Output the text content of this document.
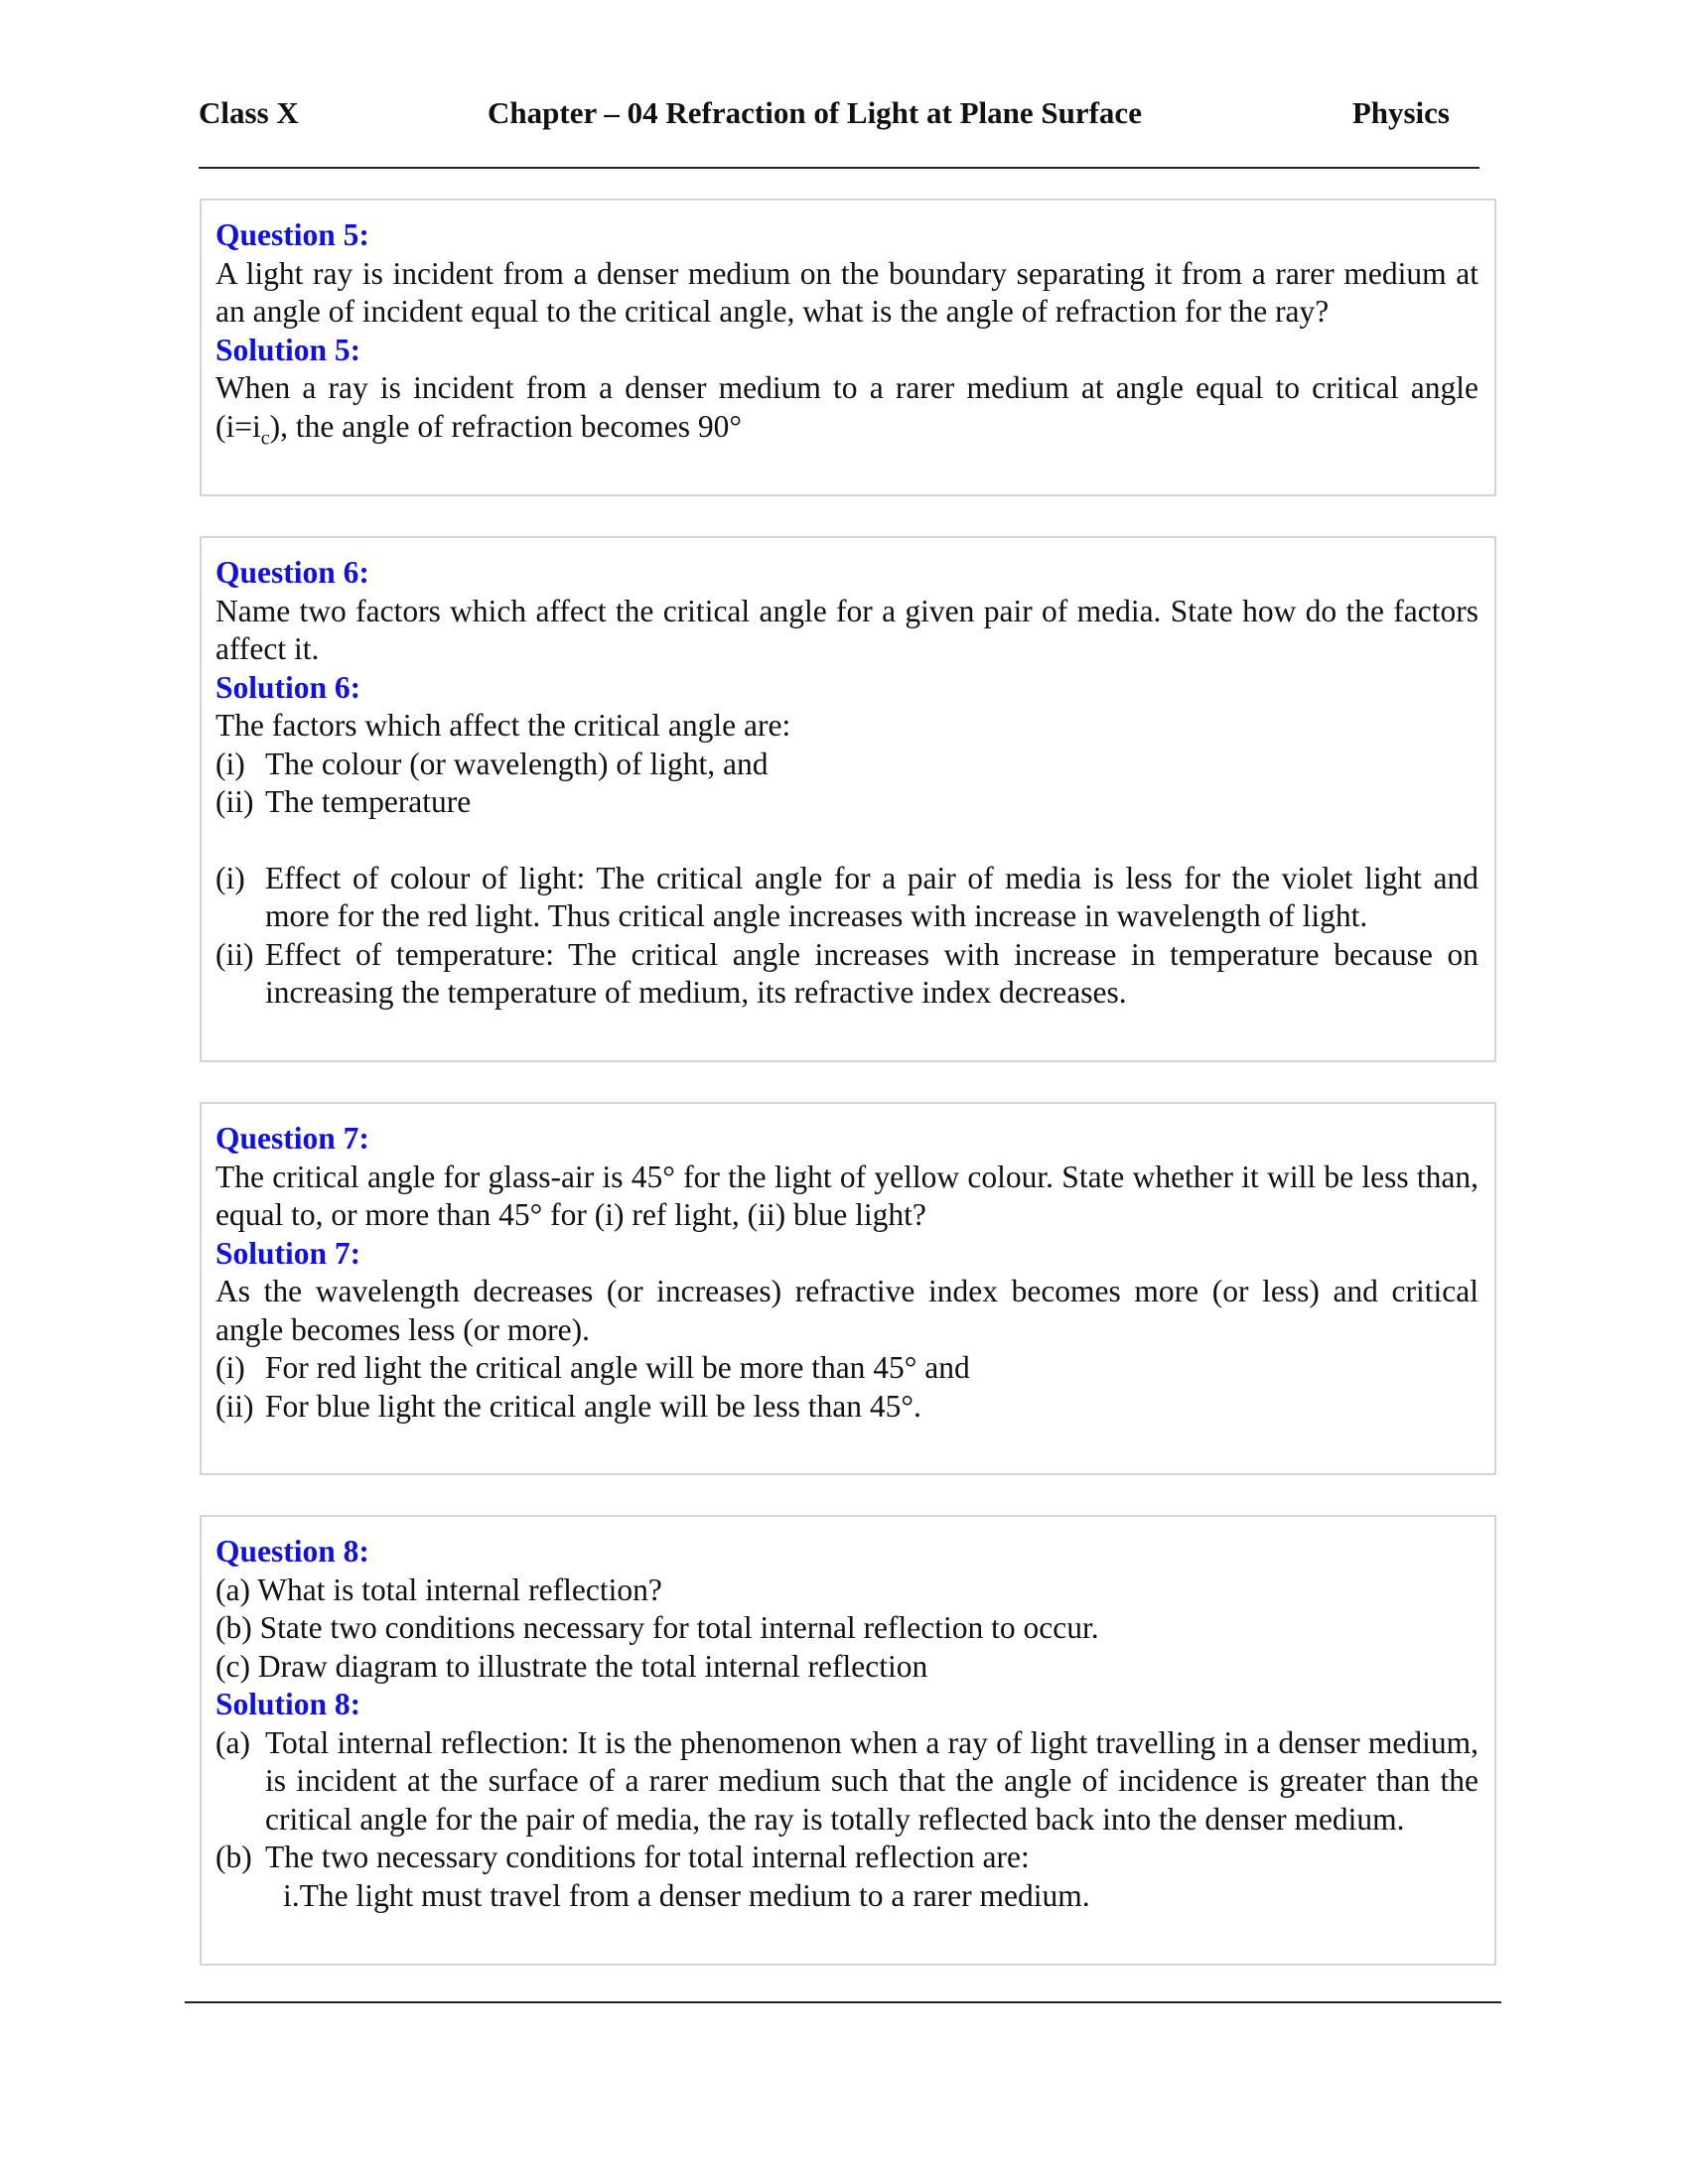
Class X	Chapter – 04 Refraction of Light at Plane Surface	Physics
Question 5:

A light ray is incident from a denser medium on the boundary separating it from a rarer medium at an angle of incident equal to the critical angle, what is the angle of refraction for the ray?

Solution 5:

When a ray is incident from a denser medium to a rarer medium at angle equal to critical angle $(i=i_c)$, the angle of refraction becomes 90°

Question 6:

Name two factors which affect the critical angle for a given pair of media. State how do the factors affect it.

Solution 6:

The factors which affect the critical angle are:

(i) The colour (or wavelength) of light, and
(ii) The temperature
(i) Effect of colour of light: The critical angle for a pair of media is less for the violet light and more for the red light. Thus critical angle increases with increase in wavelength of light.
(ii) Effect of temperature: The critical angle increases with increase in temperature because on increasing the temperature of medium, its refractive index decreases.
Question 7:

The critical angle for glass-air is 45° for the light of yellow colour. State whether it will be less than, equal to, or more than 45° for (i) ref light, (ii) blue light?

Solution 7:

As the wavelength decreases (or increases) refractive index becomes more (or less) and critical angle becomes less (or more).

(i) For red light the critical angle will be more than 45° and
(ii) For blue light the critical angle will be less than 45°.
Question 8:

(a) What is total internal reflection?

(b) State two conditions necessary for total internal reflection to occur.

(c) Draw diagram to illustrate the total internal reflection

Solution 8:
(a) Total internal reflection: It is the phenomenon when a ray of light travelling in a denser medium, is incident at the surface of a rarer medium such that the angle of incidence is greater than the critical angle for the pair of media, the ray is totally reflected back into the denser medium.
(b) The two necessary conditions for total internal reflection are:

i.The light must travel from a denser medium to a rarer medium.
